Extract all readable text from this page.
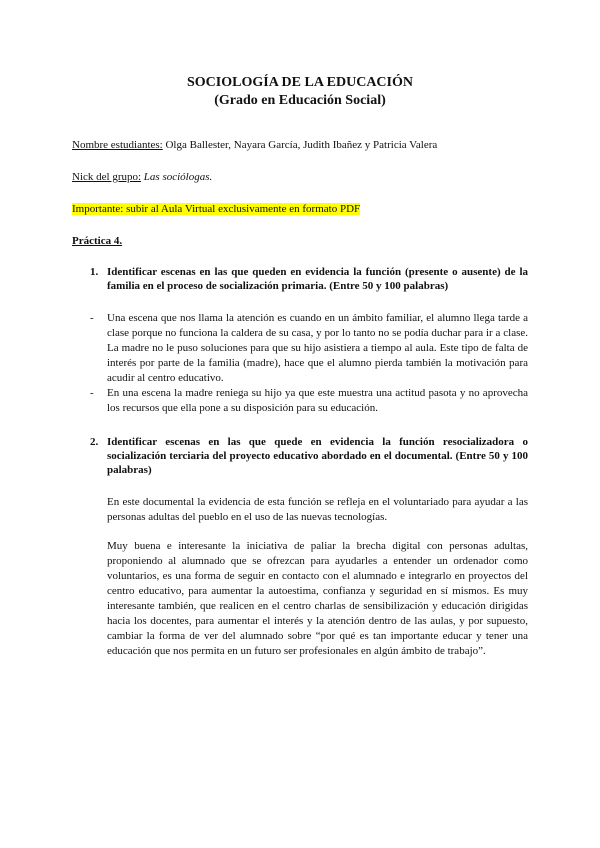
SOCIOLOGÍA DE LA EDUCACIÓN
(Grado en Educación Social)
Nombre estudiantes: Olga Ballester, Nayara García, Judith Ibañez y Patricia Valera
Nick del grupo: Las sociólogas.
Importante: subir al Aula Virtual exclusivamente en formato PDF
Práctica 4.
1. Identificar escenas en las que queden en evidencia la función (presente o ausente) de la familia en el proceso de socialización primaria. (Entre 50 y 100 palabras)
-	Una escena que nos llama la atención es cuando en un ámbito familiar, el alumno llega tarde a clase porque no funciona la caldera de su casa, y por lo tanto no se podía duchar para ir a clase. La madre no le puso soluciones para que su hijo asistiera a tiempo al aula. Este tipo de falta de interés por parte de la familia (madre), hace que el alumno pierda también la motivación para acudir al centro educativo.
-	En una escena la madre reniega su hijo ya que este muestra una actitud pasota y no aprovecha los recursos que ella pone a su disposición para su educación.
2. Identificar escenas en las que quede en evidencia la función resocializadora o socialización terciaria del proyecto educativo abordado en el documental. (Entre 50 y 100 palabras)
En este documental la evidencia de esta función se refleja en el voluntariado para ayudar a las personas adultas del pueblo en el uso de las nuevas tecnologías.
Muy buena e interesante la iniciativa de paliar la brecha digital con personas adultas, proponiendo al alumnado que se ofrezcan para ayudarles a entender un ordenador como voluntarios, es una forma de seguir en contacto con el alumnado e integrarlo en proyectos del centro educativo, para aumentar la autoestima, confianza y seguridad en sí mismos. Es muy interesante también, que realicen en el centro charlas de sensibilización y educación dirigidas hacia los docentes, para aumentar el interés y la atención dentro de las aulas, y por supuesto, cambiar la forma de ver del alumnado sobre “por qué es tan importante educar y tener una educación que nos permita en un futuro ser profesionales en algún ámbito de trabajo”.
